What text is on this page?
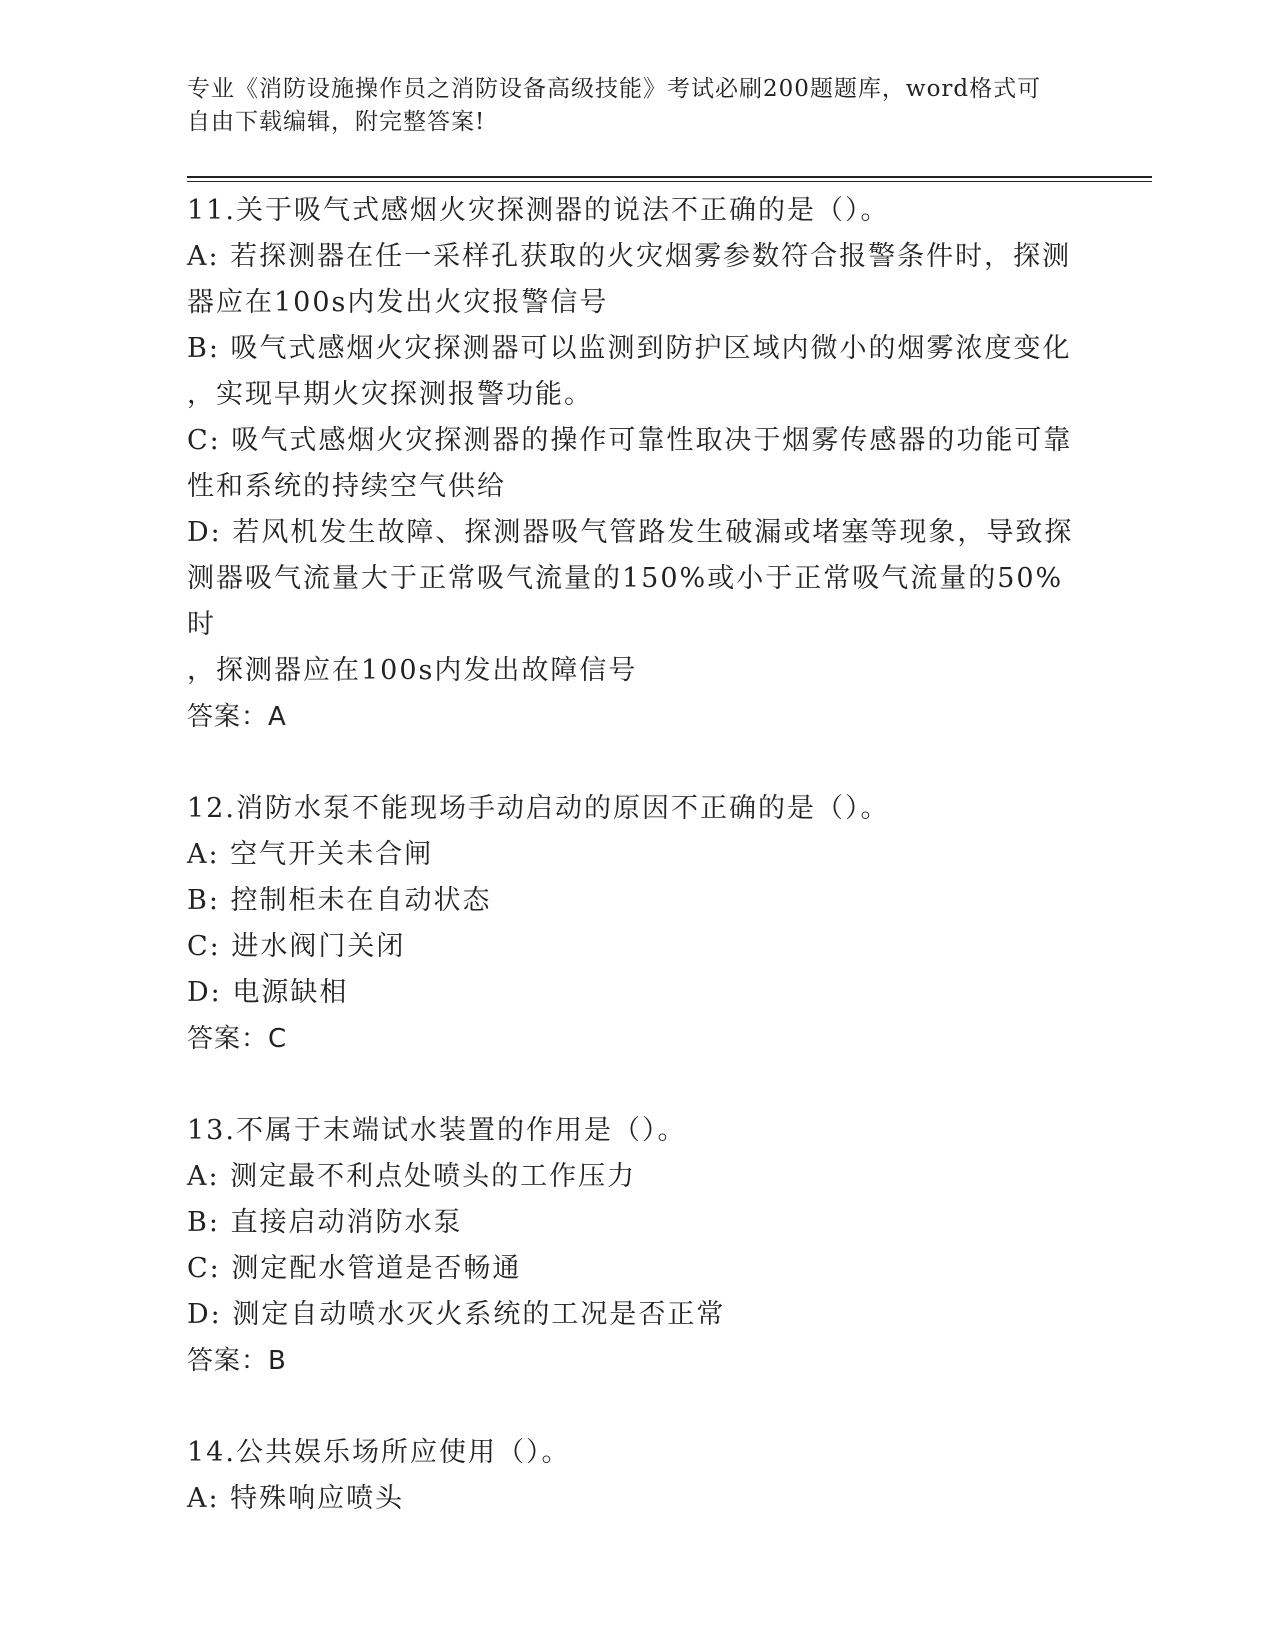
专业《消防设施操作员之消防设备高级技能》考试必刷200题题库，word格式可
自由下载编辑，附完整答案!
11.关于吸气式感烟火灾探测器的说法不正确的是（）。
A: 若探测器在任一采样孔获取的火灾烟雾参数符合报警条件时，探测
器应在100s内发出火灾报警信号
B: 吸气式感烟火灾探测器可以监测到防护区域内微小的烟雾浓度变化
，实现早期火灾探测报警功能。
C: 吸气式感烟火灾探测器的操作可靠性取决于烟雾传感器的功能可靠
性和系统的持续空气供给
D: 若风机发生故障、探测器吸气管路发生破漏或堵塞等现象，导致探
测器吸气流量大于正常吸气流量的150%或小于正常吸气流量的50%时
，探测器应在100s内发出故障信号
答案：A
12.消防水泵不能现场手动启动的原因不正确的是（）。
A: 空气开关未合闸
B: 控制柜未在自动状态
C: 进水阀门关闭
D: 电源缺相
答案：C
13.不属于末端试水装置的作用是（）。
A: 测定最不利点处喷头的工作压力
B: 直接启动消防水泵
C: 测定配水管道是否畅通
D: 测定自动喷水灭火系统的工况是否正常
答案：B
14.公共娱乐场所应使用（）。
A: 特殊响应喷头
